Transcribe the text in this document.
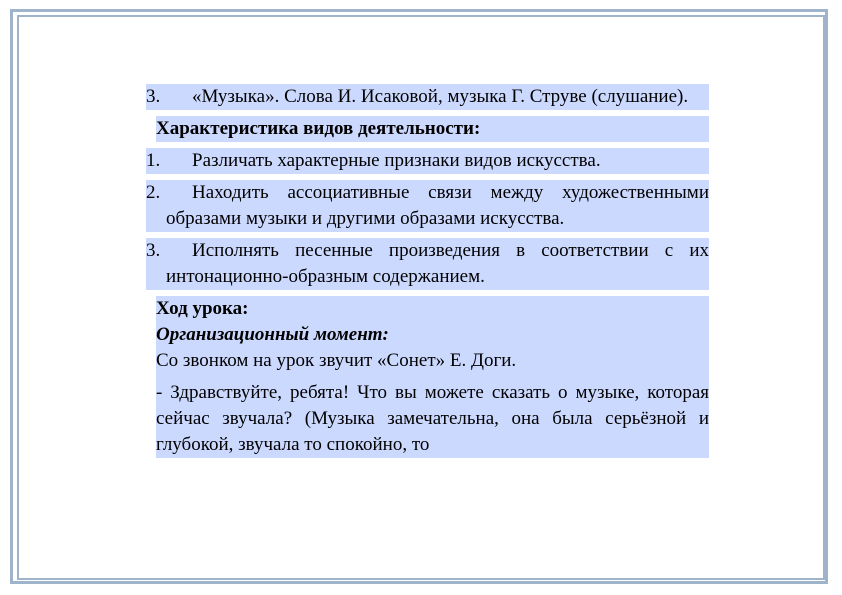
3.	«Музыка». Слова И. Исаковой, музыка Г. Струве (слушание).
Характеристика видов деятельности:
1.	Различать характерные признаки видов искусства.
2.	Находить ассоциативные связи между художественными образами музыки и другими образами искусства.
3.	Исполнять песенные произведения в соответствии с их интонационно-образным содержанием.
Ход урока:
Организационный момент:
Со звонком на урок звучит «Сонет» Е. Доги.
- Здравствуйте, ребята! Что вы можете сказать о музыке, которая сейчас звучала? (Музыка замечательна, она была серьёзной и глубокой, звучала то спокойно, то
